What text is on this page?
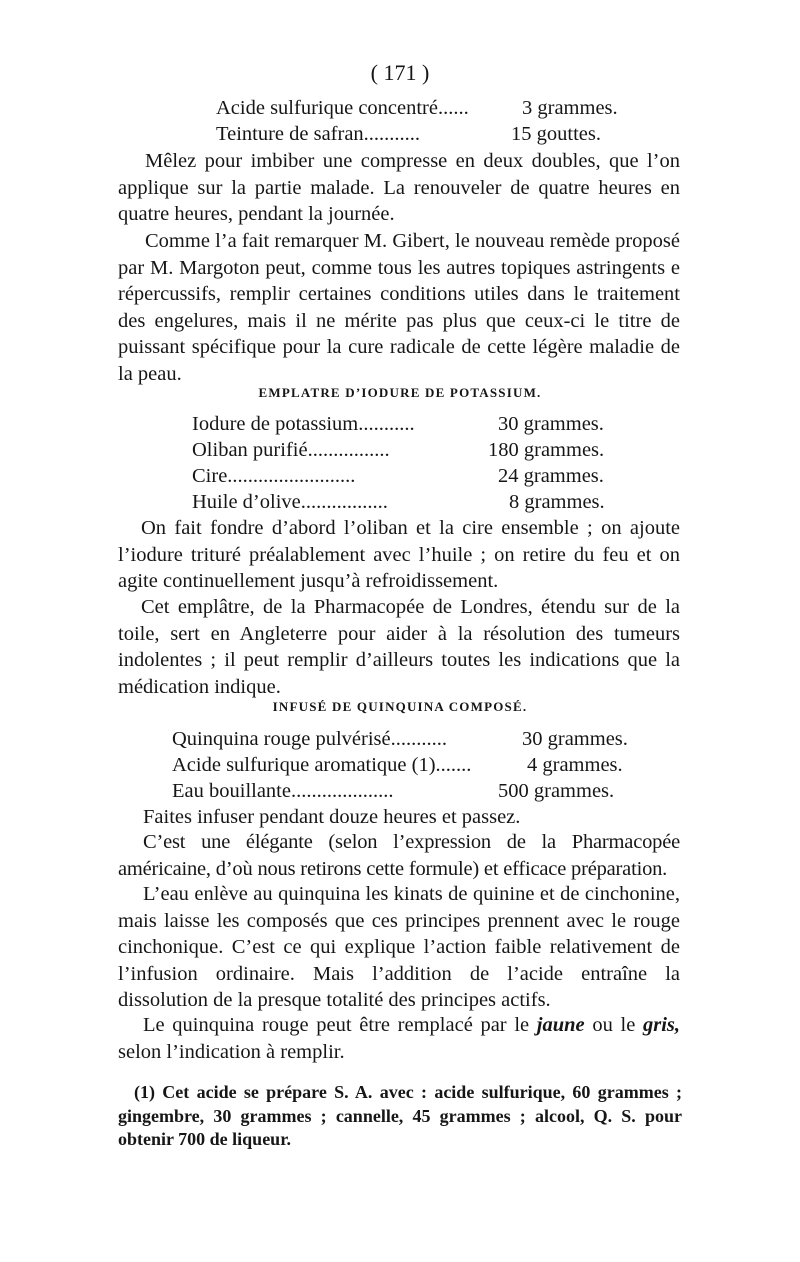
( 171 )
Acide sulfurique concentré......	3 grammes.
Teinture de safran...........	15 gouttes.
Mêlez pour imbiber une compresse en deux doubles, que l’on applique sur la partie malade. La renouveler de quatre heures en quatre heures, pendant la journée.
Comme l’a fait remarquer M. Gibert, le nouveau remède proposé par M. Margoton peut, comme tous les autres topiques astringents e répercussifs, remplir certaines conditions utiles dans le traitement des engelures, mais il ne mérite pas plus que ceux-ci le titre de puissant spécifique pour la cure radicale de cette légère maladie de la peau.
EMPLATRE D’IODURE DE POTASSIUM.
Iodure de potassium...........	30 grammes.
Oliban purifié................	180 grammes.
Cire.........................	24 grammes.
Huile d’olive.................	8 grammes.
On fait fondre d’abord l’oliban et la cire ensemble ; on ajoute l’iodure trituré préalablement avec l’huile ; on retire du feu et on agite continuellement jusqu’à refroidissement.
Cet emplâtre, de la Pharmacopée de Londres, étendu sur de la toile, sert en Angleterre pour aider à la résolution des tumeurs indolentes ; il peut remplir d’ailleurs toutes les indications que la médication indique.
INFUSÉ DE QUINQUINA COMPOSÉ.
Quinquina rouge pulvérisé...........	30 grammes.
Acide sulfurique aromatique (1).......	4 grammes.
Eau bouillante....................	500 grammes.
Faites infuser pendant douze heures et passez.
C’est une élégante (selon l’expression de la Pharmacopée américaine, d’où nous retirons cette formule) et efficace préparation.
L’eau enlève au quinquina les kinats de quinine et de cinchonine, mais laisse les composés que ces principes prennent avec le rouge cinchonique. C’est ce qui explique l’action faible relativement de l’infusion ordinaire. Mais l’addition de l’acide entraîne la dissolution de la presque totalité des principes actifs.
Le quinquina rouge peut être remplacé par le jaune ou le gris, selon l’indication à remplir.
(1) Cet acide se prépare S. A. avec : acide sulfurique, 60 grammes ; gingembre, 30 grammes ; cannelle, 45 grammes ; alcool, Q. S. pour obtenir 700 de liqueur.
